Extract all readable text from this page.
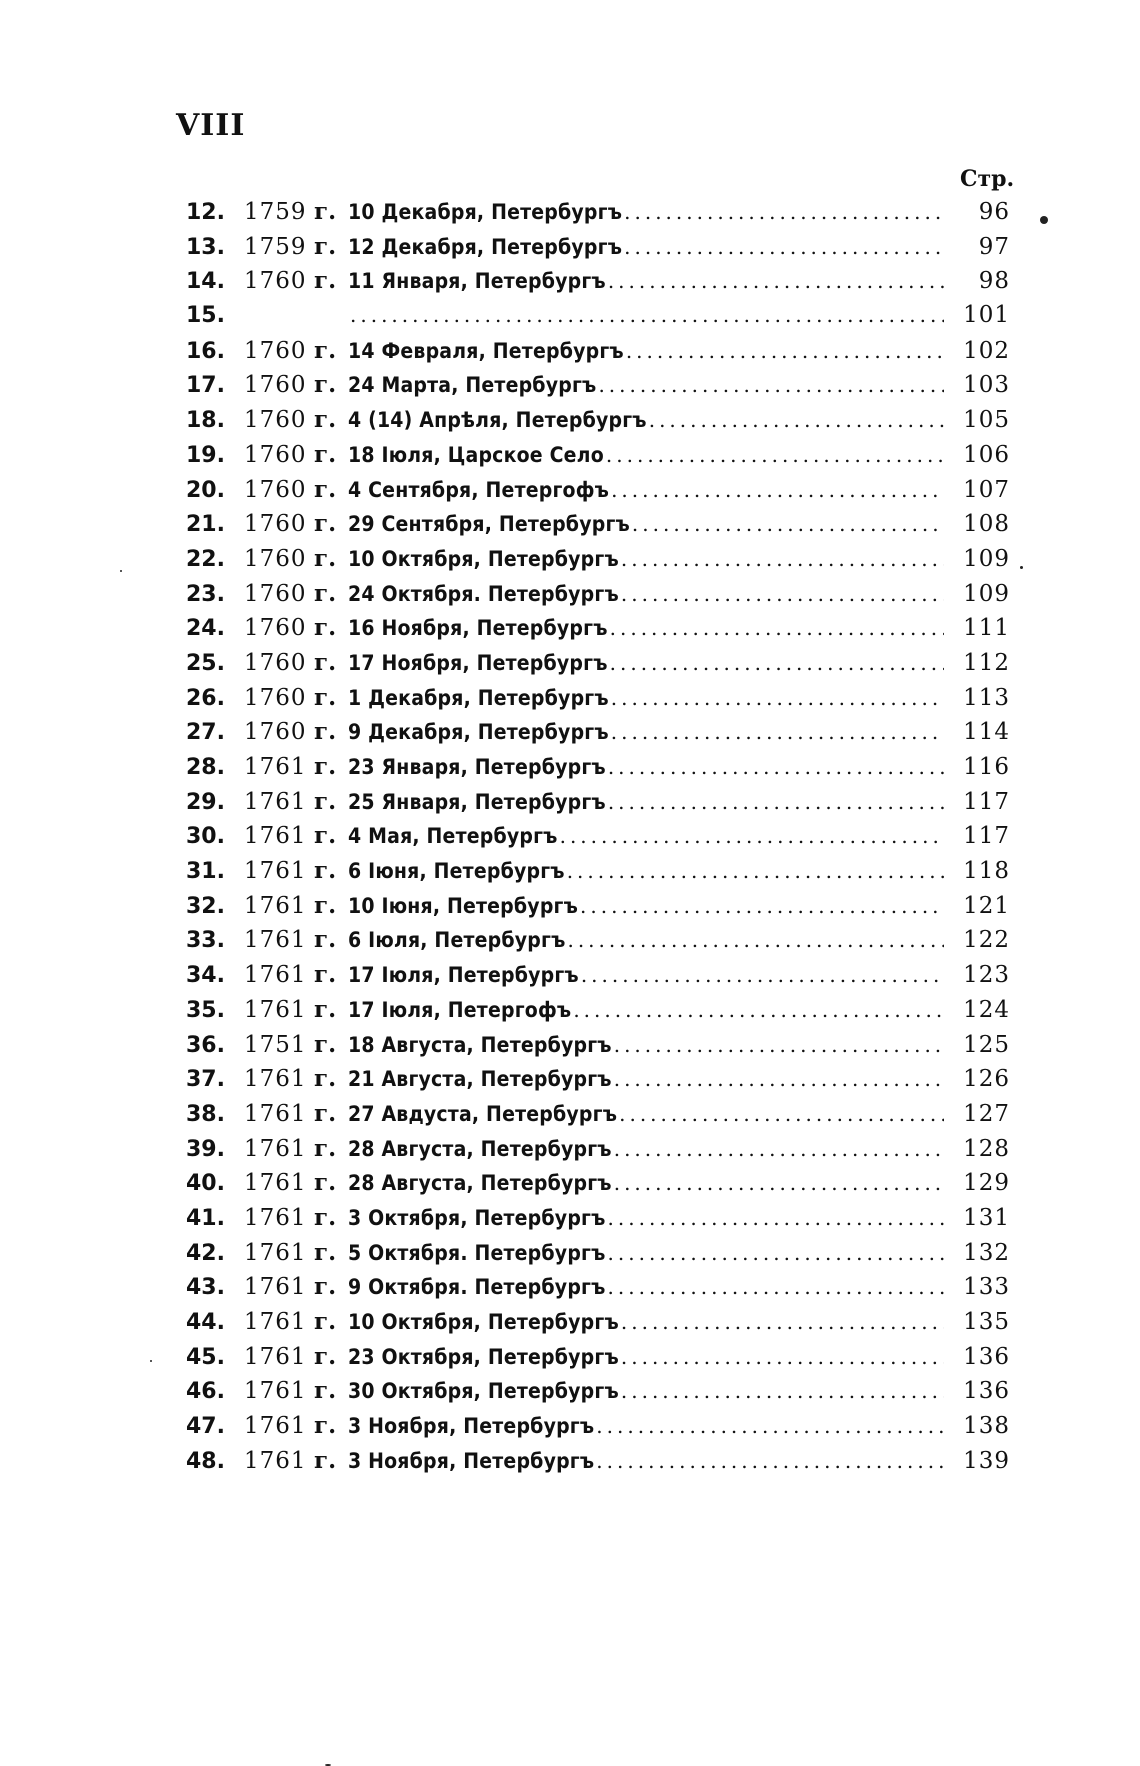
VIII
Стр.
12. 1759 г. 10 Декабря, Петербургъ .....	96
13. 1759 г. 12 Декабря, Петербургъ .....	97
14. 1760 г. 11 Января, Петербургъ .....	98
15. .....	101
16. 1760 г. 14 Февраля, Петербургъ .....	102
17. 1760 г. 24 Марта, Петербургъ .....	103
18. 1760 г. 4 (14) Апрѣля, Петербургъ .....	105
19. 1760 г. 18 Іюля, Царское Село .....	106
20. 1760 г. 4 Сентября, Петергофъ .....	107
21. 1760 г. 29 Сентября, Петербургъ .....	108
22. 1760 г. 10 Октября, Петербургъ .....	109
23. 1760 г. 24 Октября. Петербургъ .....	109
24. 1760 г. 16 Ноября, Петербургъ .....	111
25. 1760 г. 17 Ноября, Петербургъ .....	112
26. 1760 г. 1 Декабря, Петербургъ .....	113
27. 1760 г. 9 Декабря, Петербургъ .....	114
28. 1761 г. 23 Января, Петербургъ .....	116
29. 1761 г. 25 Января, Петербургъ .....	117
30. 1761 г. 4 Мая, Петербургъ .....	117
31. 1761 г. 6 Іюня, Петербургъ .....	118
32. 1761 г. 10 Іюня, Петербургъ .....	121
33. 1761 г. 6 Іюля, Петербургъ .....	122
34. 1761 г. 17 Іюля, Петербургъ .....	123
35. 1761 г. 17 Іюля, Петергофъ .....	124
36. 1751 г. 18 Августа, Петербургъ .....	125
37. 1761 г. 21 Августа, Петербургъ .....	126
38. 1761 г. 27 Авдуста, Петербургъ .....	127
39. 1761 г. 28 Августа, Петербургъ .....	128
40. 1761 г. 28 Августа, Петербургъ .....	129
41. 1761 г. 3 Октября, Петербургъ .....	131
42. 1761 г. 5 Октября. Петербургъ .....	132
43. 1761 г. 9 Октября. Петербургъ .....	133
44. 1761 г. 10 Октября, Петербургъ .....	135
45. 1761 г. 23 Октября, Петербургъ .....	136
46. 1761 г. 30 Октября, Петербургъ .....	136
47. 1761 г. 3 Ноября, Петербургъ .....	138
48. 1761 г. 3 Ноября, Петербургъ .....	139
